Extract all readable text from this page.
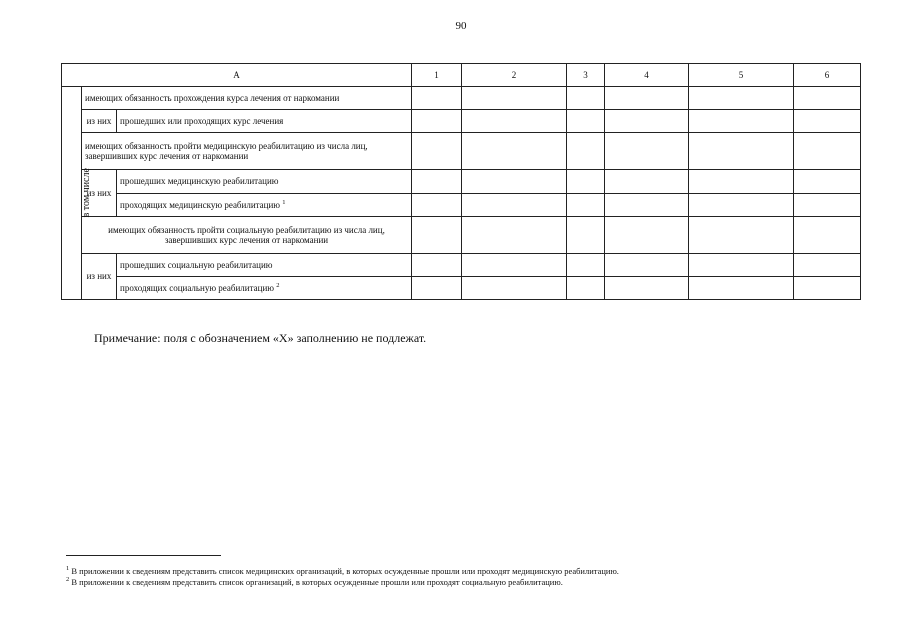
90
А			1	2	3	4	5	6
в том числе	имеющих обязанность прохождения курса лечения от наркомании							
	из них	прошедших или проходящих курс лечения						
	имеющих обязанность пройти медицинскую реабилитацию из числа лиц, завершивших курс лечения от наркомании							
	из них	прошедших медицинскую реабилитацию						
		проходящих медицинскую реабилитацию $^1$						
	имеющих обязанность пройти социальную реабилитацию из числа лиц, завершивших курс лечения от наркомании							
	из них	прошедших социальную реабилитацию						
		проходящих социальную реабилитацию $^2$						
Примечание: поля с обозначением «Х» заполнению не подлежат.
$^1$ В приложении к сведениям представить список медицинских организаций, в которых осужденные прошли или проходят медицинскую реабилитацию.
$^2$ В приложении к сведениям представить список организаций, в которых осужденные прошли или проходят социальную реабилитацию.
